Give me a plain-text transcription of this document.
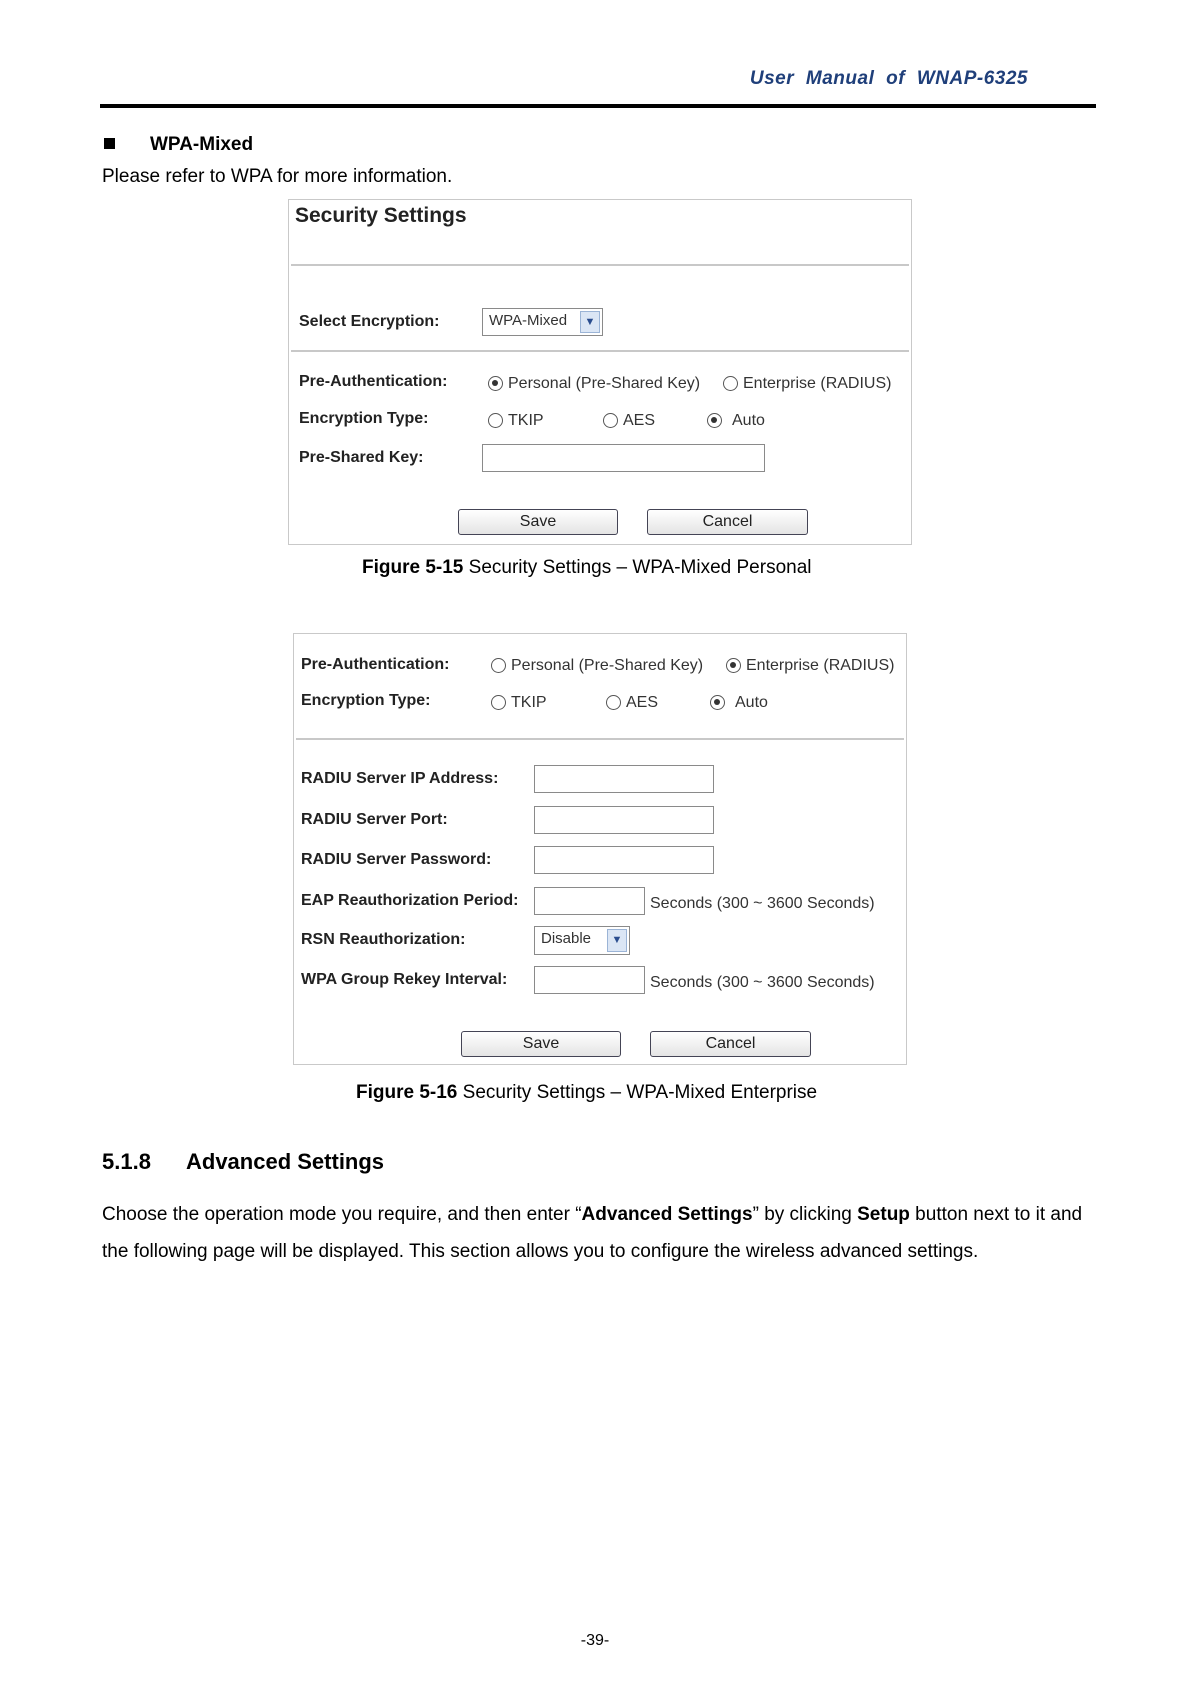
User Manual of WNAP-6325
WPA-Mixed
Please refer to WPA for more information.
Security Settings
Select Encryption:	WPA-Mixed	▼
Pre-Authentication:	Personal (Pre-Shared Key)	Enterprise (RADIUS)
Encryption Type:	TKIP	AES	Auto
Pre-Shared Key:
Save	Cancel
Figure 5-15 Security Settings – WPA-Mixed Personal
Pre-Authentication:	Personal (Pre-Shared Key)	Enterprise (RADIUS)
Encryption Type:	TKIP	AES	Auto
RADIU Server IP Address:
RADIU Server Port:
RADIU Server Password:
EAP Reauthorization Period:	Seconds (300 ~ 3600 Seconds)
RSN Reauthorization:	Disable	▼
WPA Group Rekey Interval:	Seconds (300 ~ 3600 Seconds)
Save	Cancel
Figure 5-16 Security Settings – WPA-Mixed Enterprise
5.1.8 Advanced Settings
Choose the operation mode you require, and then enter “Advanced Settings” by clicking Setup button next to it and the following page will be displayed. This section allows you to configure the wireless advanced settings.
-39-
